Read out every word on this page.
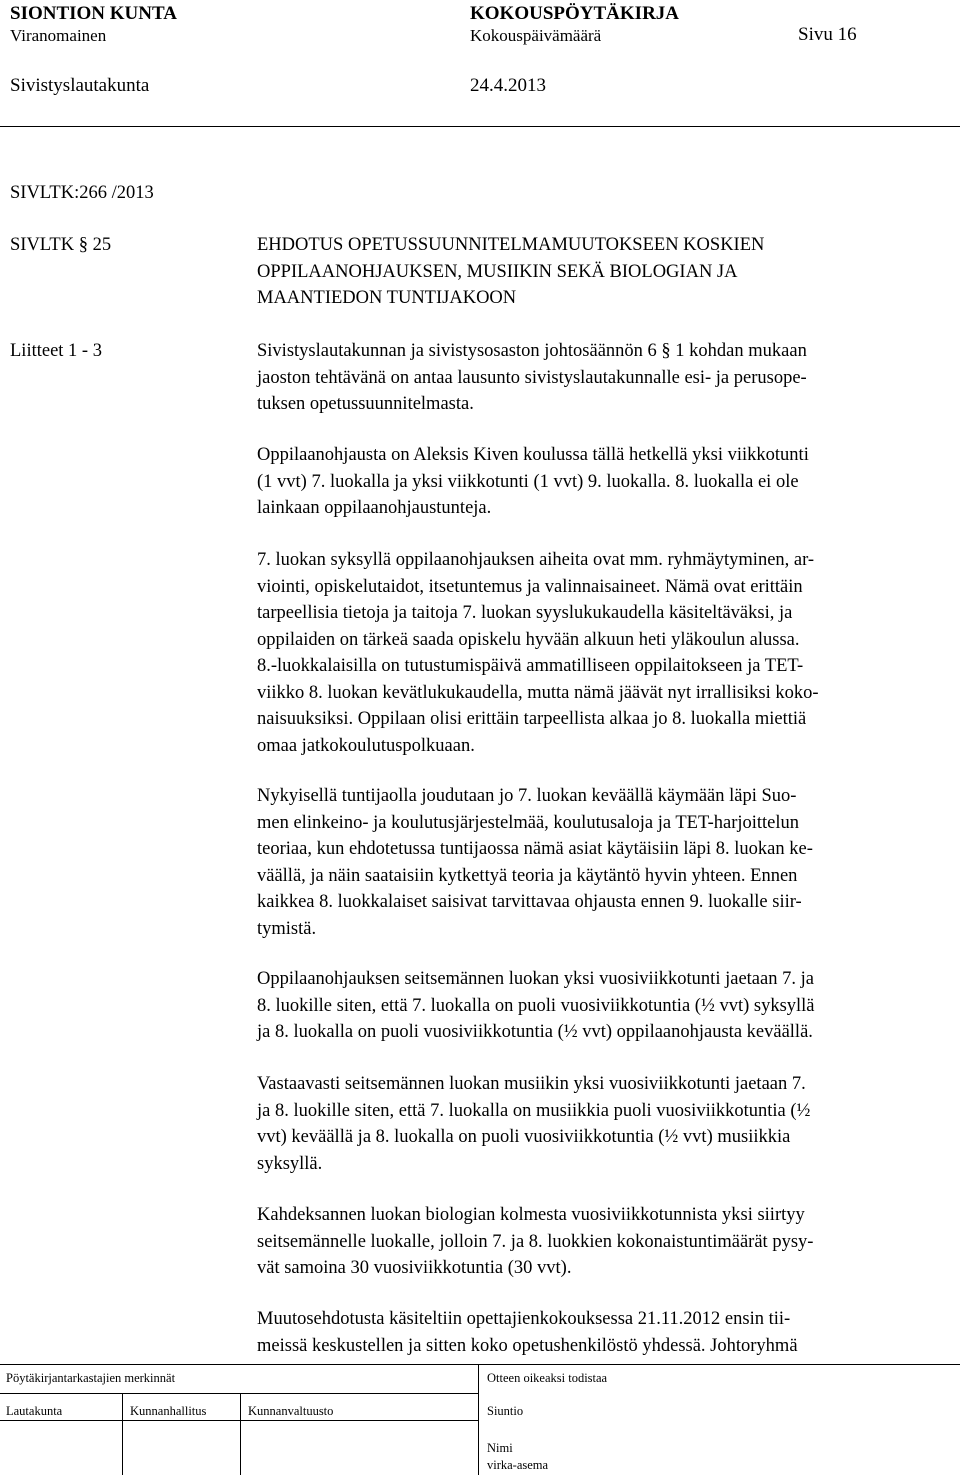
SIONTION KUNTA	KOKOUSPÖYTÄKIRJA
Viranomainen	Kokouspäivämäärä	Sivu 16
Sivistyslautakunta	24.4.2013
SIVLTK:266 /2013
SIVLTK § 25	EHDOTUS OPETUSSUUNNITELMAMUUTOKSEEN KOSKIEN
OPPILAANOHJAUKSEN, MUSIIKIN SEKÄ BIOLOGIAN JA
MAANTIEDON TUNTIJAKOON
Liitteet 1 - 3	Sivistyslautakunnan ja sivistysosaston johtosäännön 6 § 1 kohdan mukaan
jaoston tehtävänä on antaa lausunto sivistyslautakunnalle esi- ja perusope-
tuksen opetussuunnitelmasta.
Oppilaanohjausta on Aleksis Kiven koulussa tällä hetkellä yksi viikkotunti
(1 vvt) 7. luokalla ja yksi viikkotunti (1 vvt) 9. luokalla. 8. luokalla ei ole
lainkaan oppilaanohjaustunteja.
7. luokan syksyllä oppilaanohjauksen aiheita ovat mm. ryhmäytyminen, ar-
viointi, opiskelutaidot, itsetuntemus ja valinnaisaineet. Nämä ovat erittäin
tarpeellisia tietoja ja taitoja 7. luokan syyslukukaudella käsiteltäväksi, ja
oppilaiden on tärkeä saada opiskelu hyvään alkuun heti yläkoulun alussa.
8.-luokkalaisilla on tutustumispäivä ammatilliseen oppilaitokseen ja TET-
viikko 8. luokan kevätlukukaudella, mutta nämä jäävät nyt irrallisiksi koko-
naisuuksiksi. Oppilaan olisi erittäin tarpeellista alkaa jo 8. luokalla miettiä
omaa jatkokoulutuspolkuaan.
Nykyisellä tuntijaolla joudutaan jo 7. luokan keväällä käymään läpi Suo-
men elinkeino- ja koulutusjärjestelmää, koulutusaloja ja TET-harjoittelun
teoriaa, kun ehdotetussa tuntijaossa nämä asiat käytäisiin läpi 8. luokan ke-
väällä, ja näin saataisiin kytkettyä teoria ja käytäntö hyvin yhteen. Ennen
kaikkea 8. luokkalaiset saisivat tarvittavaa ohjausta ennen 9. luokalle siir-
tymistä.
Oppilaanohjauksen seitsemännen luokan yksi vuosiviikkotunti jaetaan 7. ja
8. luokille siten, että 7. luokalla on puoli vuosiviikkotuntia (½ vvt) syksyllä
ja 8. luokalla on puoli vuosiviikkotuntia (½ vvt) oppilaanohjausta keväällä.
Vastaavasti seitsemännen luokan musiikin yksi vuosiviikkotunti jaetaan 7.
ja 8. luokille siten, että 7. luokalla on musiikkia puoli vuosiviikkotuntia (½
vvt) keväällä ja 8. luokalla on puoli vuosiviikkotuntia (½ vvt) musiikkia
syksyllä.
Kahdeksannen luokan biologian kolmesta vuosiviikkotunnista yksi siirtyy
seitsemännelle luokalle, jolloin 7. ja 8. luokkien kokonaistuntimäärät pysy-
vät samoina 30 vuosiviikkotuntia (30 vvt).
Muutosehdotusta käsiteltiin opettajienkokouksessa 21.11.2012 ensin tii-
meissä keskustellen ja sitten koko opetushenkilöstö yhdessä. Johtoryhmä
Pöytäkirjantarkastajien merkinnät	Otteen oikeaksi todistaa
Lautakunta	Kunnanhallitus	Kunnanvaltuusto	Siuntio
Nimi
virka-asema
